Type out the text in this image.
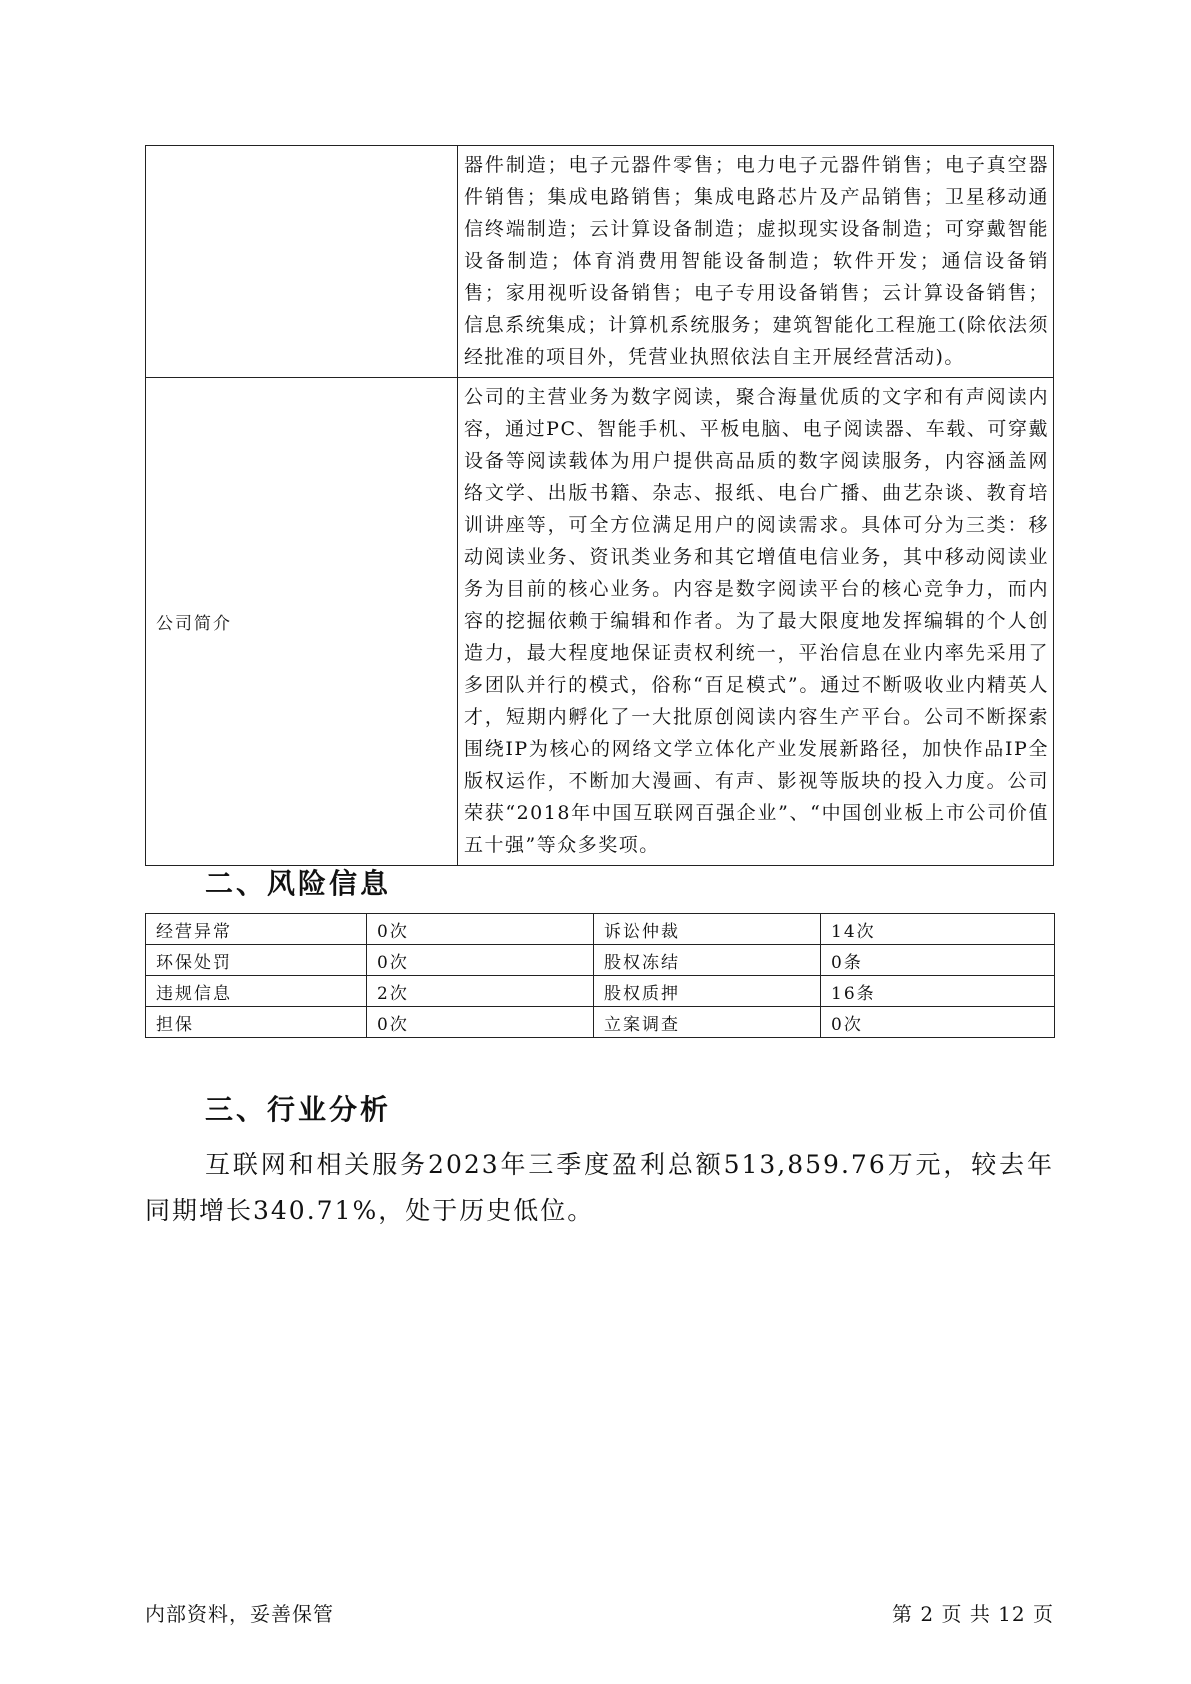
	器件制造；电子元器件零售；电力电子元器件销售；电子真空器件销售；集成电路销售；集成电路芯片及产品销售；卫星移动通信终端制造；云计算设备制造；虚拟现实设备制造；可穿戴智能设备制造；体育消费用智能设备制造；软件开发；通信设备销售；家用视听设备销售；电子专用设备销售；云计算设备销售；信息系统集成；计算机系统服务；建筑智能化工程施工(除依法须经批准的项目外，凭营业执照依法自主开展经营活动)。
公司简介	公司的主营业务为数字阅读，聚合海量优质的文字和有声阅读内容，通过PC、智能手机、平板电脑、电子阅读器、车载、可穿戴设备等阅读载体为用户提供高品质的数字阅读服务，内容涵盖网络文学、出版书籍、杂志、报纸、电台广播、曲艺杂谈、教育培训讲座等，可全方位满足用户的阅读需求。具体可分为三类：移动阅读业务、资讯类业务和其它增值电信业务，其中移动阅读业务为目前的核心业务。内容是数字阅读平台的核心竞争力，而内容的挖掘依赖于编辑和作者。为了最大限度地发挥编辑的个人创造力，最大程度地保证责权利统一，平治信息在业内率先采用了多团队并行的模式，俗称“百足模式”。通过不断吸收业内精英人才，短期内孵化了一大批原创阅读内容生产平台。公司不断探索围绕IP为核心的网络文学立体化产业发展新路径，加快作品IP全版权运作，不断加大漫画、有声、影视等版块的投入力度。公司荣获“2018年中国互联网百强企业”、“中国创业板上市公司价值五十强”等众多奖项。
二、风险信息
经营异常	0次	诉讼仲裁	14次
环保处罚	0次	股权冻结	0条
违规信息	2次	股权质押	16条
担保	0次	立案调查	0次
三、行业分析

互联网和相关服务2023年三季度盈利总额513,859.76万元，较去年同期增长340.71%，处于历史低位。

内部资料，妥善保管	第 2 页 共 12 页
